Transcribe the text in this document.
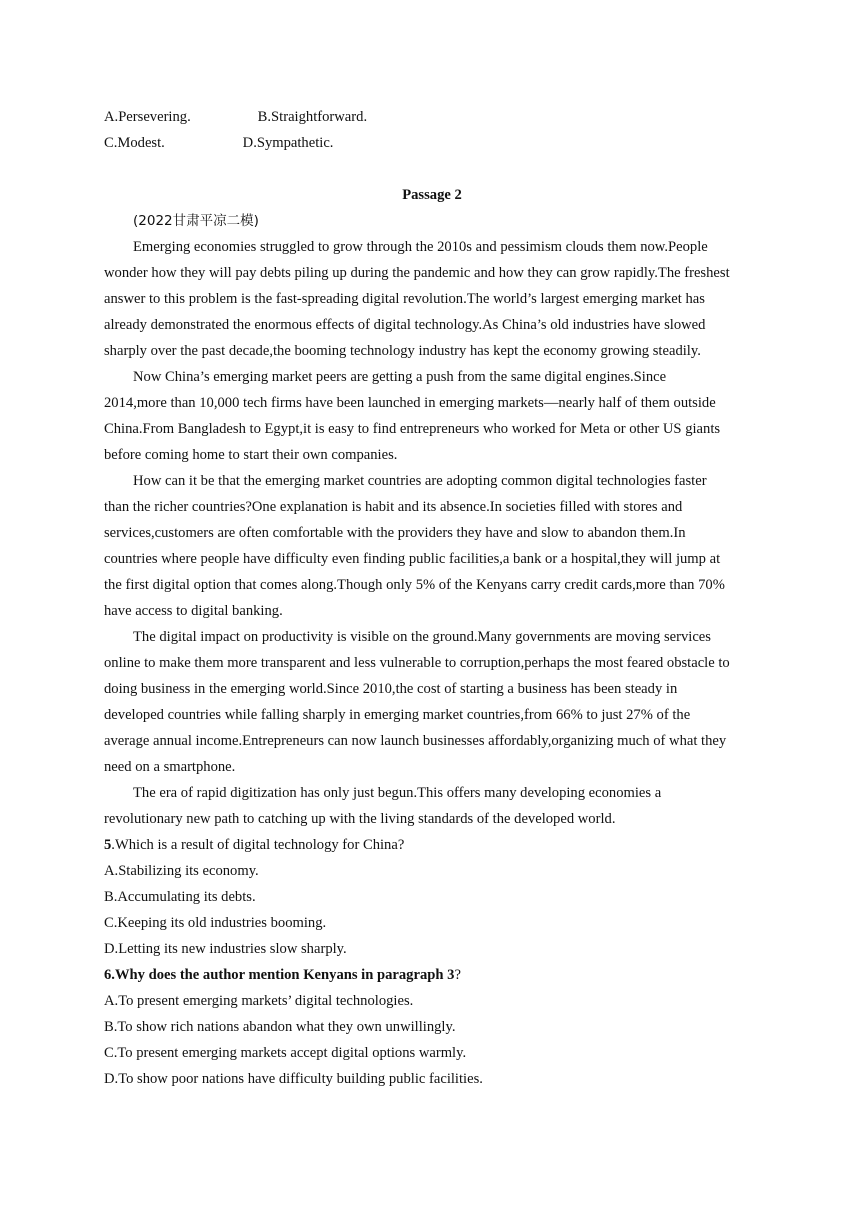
A.Persevering.	B.Straightforward.
C.Modest.	D.Sympathetic.
Passage 2
(2022甘肃平凉二模)
Emerging economies struggled to grow through the 2010s and pessimism clouds them now.People
wonder how they will pay debts piling up during the pandemic and how they can grow rapidly.The freshest
answer to this problem is the fast-spreading digital revolution.The world’s largest emerging market has
already demonstrated the enormous effects of digital technology.As China’s old industries have slowed
sharply over the past decade,the booming technology industry has kept the economy growing steadily.
Now China’s emerging market peers are getting a push from the same digital engines.Since
2014,more than 10,000 tech firms have been launched in emerging markets—nearly half of them outside
China.From Bangladesh to Egypt,it is easy to find entrepreneurs who worked for Meta or other US giants
before coming home to start their own companies.
How can it be that the emerging market countries are adopting common digital technologies faster
than the richer countries?One explanation is habit and its absence.In societies filled with stores and
services,customers are often comfortable with the providers they have and slow to abandon them.In
countries where people have difficulty even finding public facilities,a bank or a hospital,they will jump at
the first digital option that comes along.Though only 5% of the Kenyans carry credit cards,more than 70%
have access to digital banking.
The digital impact on productivity is visible on the ground.Many governments are moving services
online to make them more transparent and less vulnerable to corruption,perhaps the most feared obstacle to
doing business in the emerging world.Since 2010,the cost of starting a business has been steady in
developed countries while falling sharply in emerging market countries,from 66% to just 27% of the
average annual income.Entrepreneurs can now launch businesses affordably,organizing much of what they
need on a smartphone.
The era of rapid digitization has only just begun.This offers many developing economies a
revolutionary new path to catching up with the living standards of the developed world.
5.Which is a result of digital technology for China?
A.Stabilizing its economy.
B.Accumulating its debts.
C.Keeping its old industries booming.
D.Letting its new industries slow sharply.
6.Why does the author mention Kenyans in paragraph 3?
A.To present emerging markets’ digital technologies.
B.To show rich nations abandon what they own unwillingly.
C.To present emerging markets accept digital options warmly.
D.To show poor nations have difficulty building public facilities.
